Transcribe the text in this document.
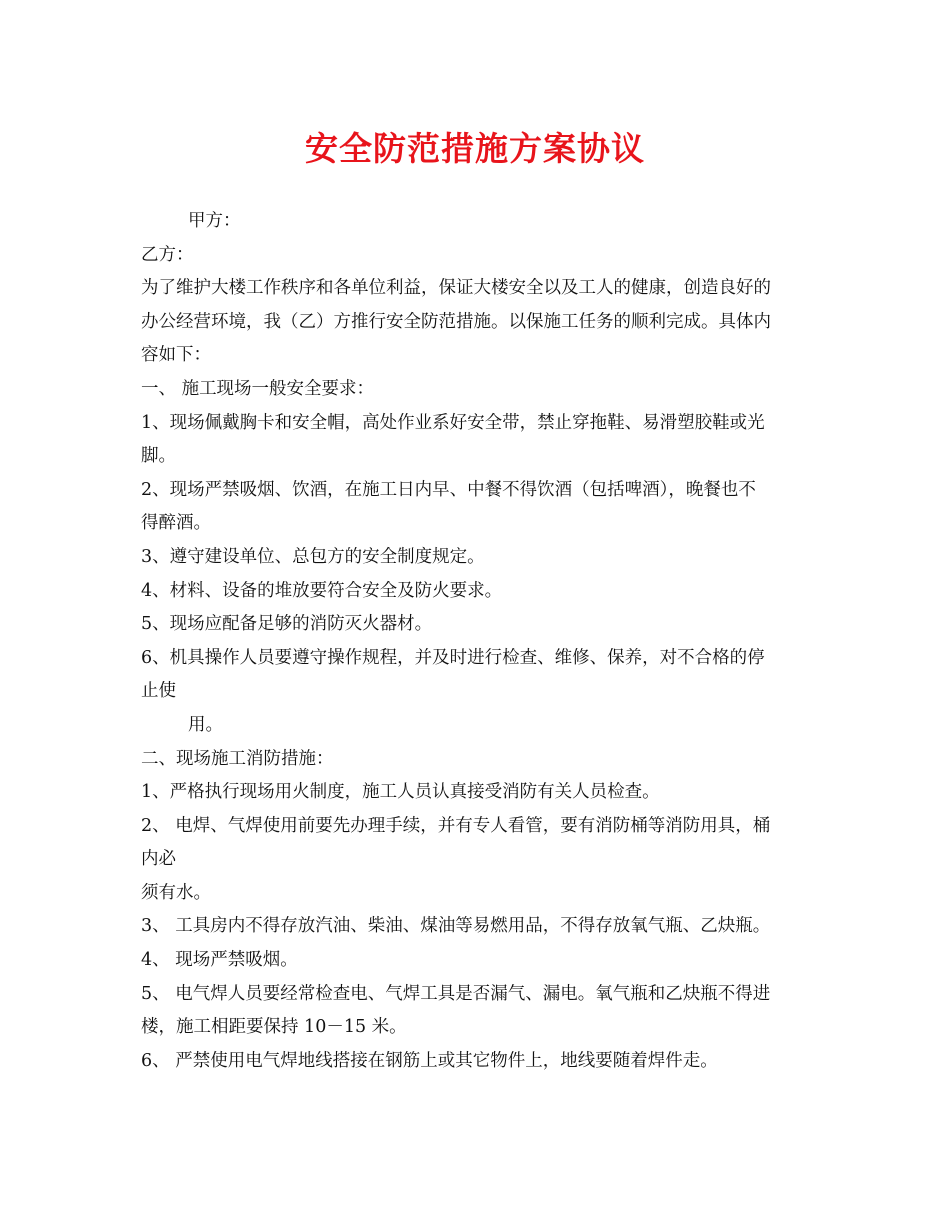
安全防范措施方案协议
甲方：
乙方：
为了维护大楼工作秩序和各单位利益，保证大楼安全以及工人的健康，创造良好的
办公经营环境，我（乙）方推行安全防范措施。以保施工任务的顺利完成。具体内
容如下：
一、 施工现场一般安全要求：
1、现场佩戴胸卡和安全帽，高处作业系好安全带，禁止穿拖鞋、易滑塑胶鞋或光
脚。
2、现场严禁吸烟、饮酒，在施工日内早、中餐不得饮酒（包括啤酒），晚餐也不
得醉酒。
3、遵守建设单位、总包方的安全制度规定。
4、材料、设备的堆放要符合安全及防火要求。
5、现场应配备足够的消防灭火器材。
6、机具操作人员要遵守操作规程，并及时进行检查、维修、保养，对不合格的停
止使
用。
二、现场施工消防措施：
1、严格执行现场用火制度，施工人员认真接受消防有关人员检查。
2、 电焊、气焊使用前要先办理手续，并有专人看管，要有消防桶等消防用具，桶
内必
须有水。
3、 工具房内不得存放汽油、柴油、煤油等易燃用品，不得存放氧气瓶、乙炔瓶。
4、 现场严禁吸烟。
5、 电气焊人员要经常检查电、气焊工具是否漏气、漏电。氧气瓶和乙炔瓶不得进
楼，施工相距要保持 10－15 米。
6、 严禁使用电气焊地线搭接在钢筋上或其它物件上，地线要随着焊件走。
